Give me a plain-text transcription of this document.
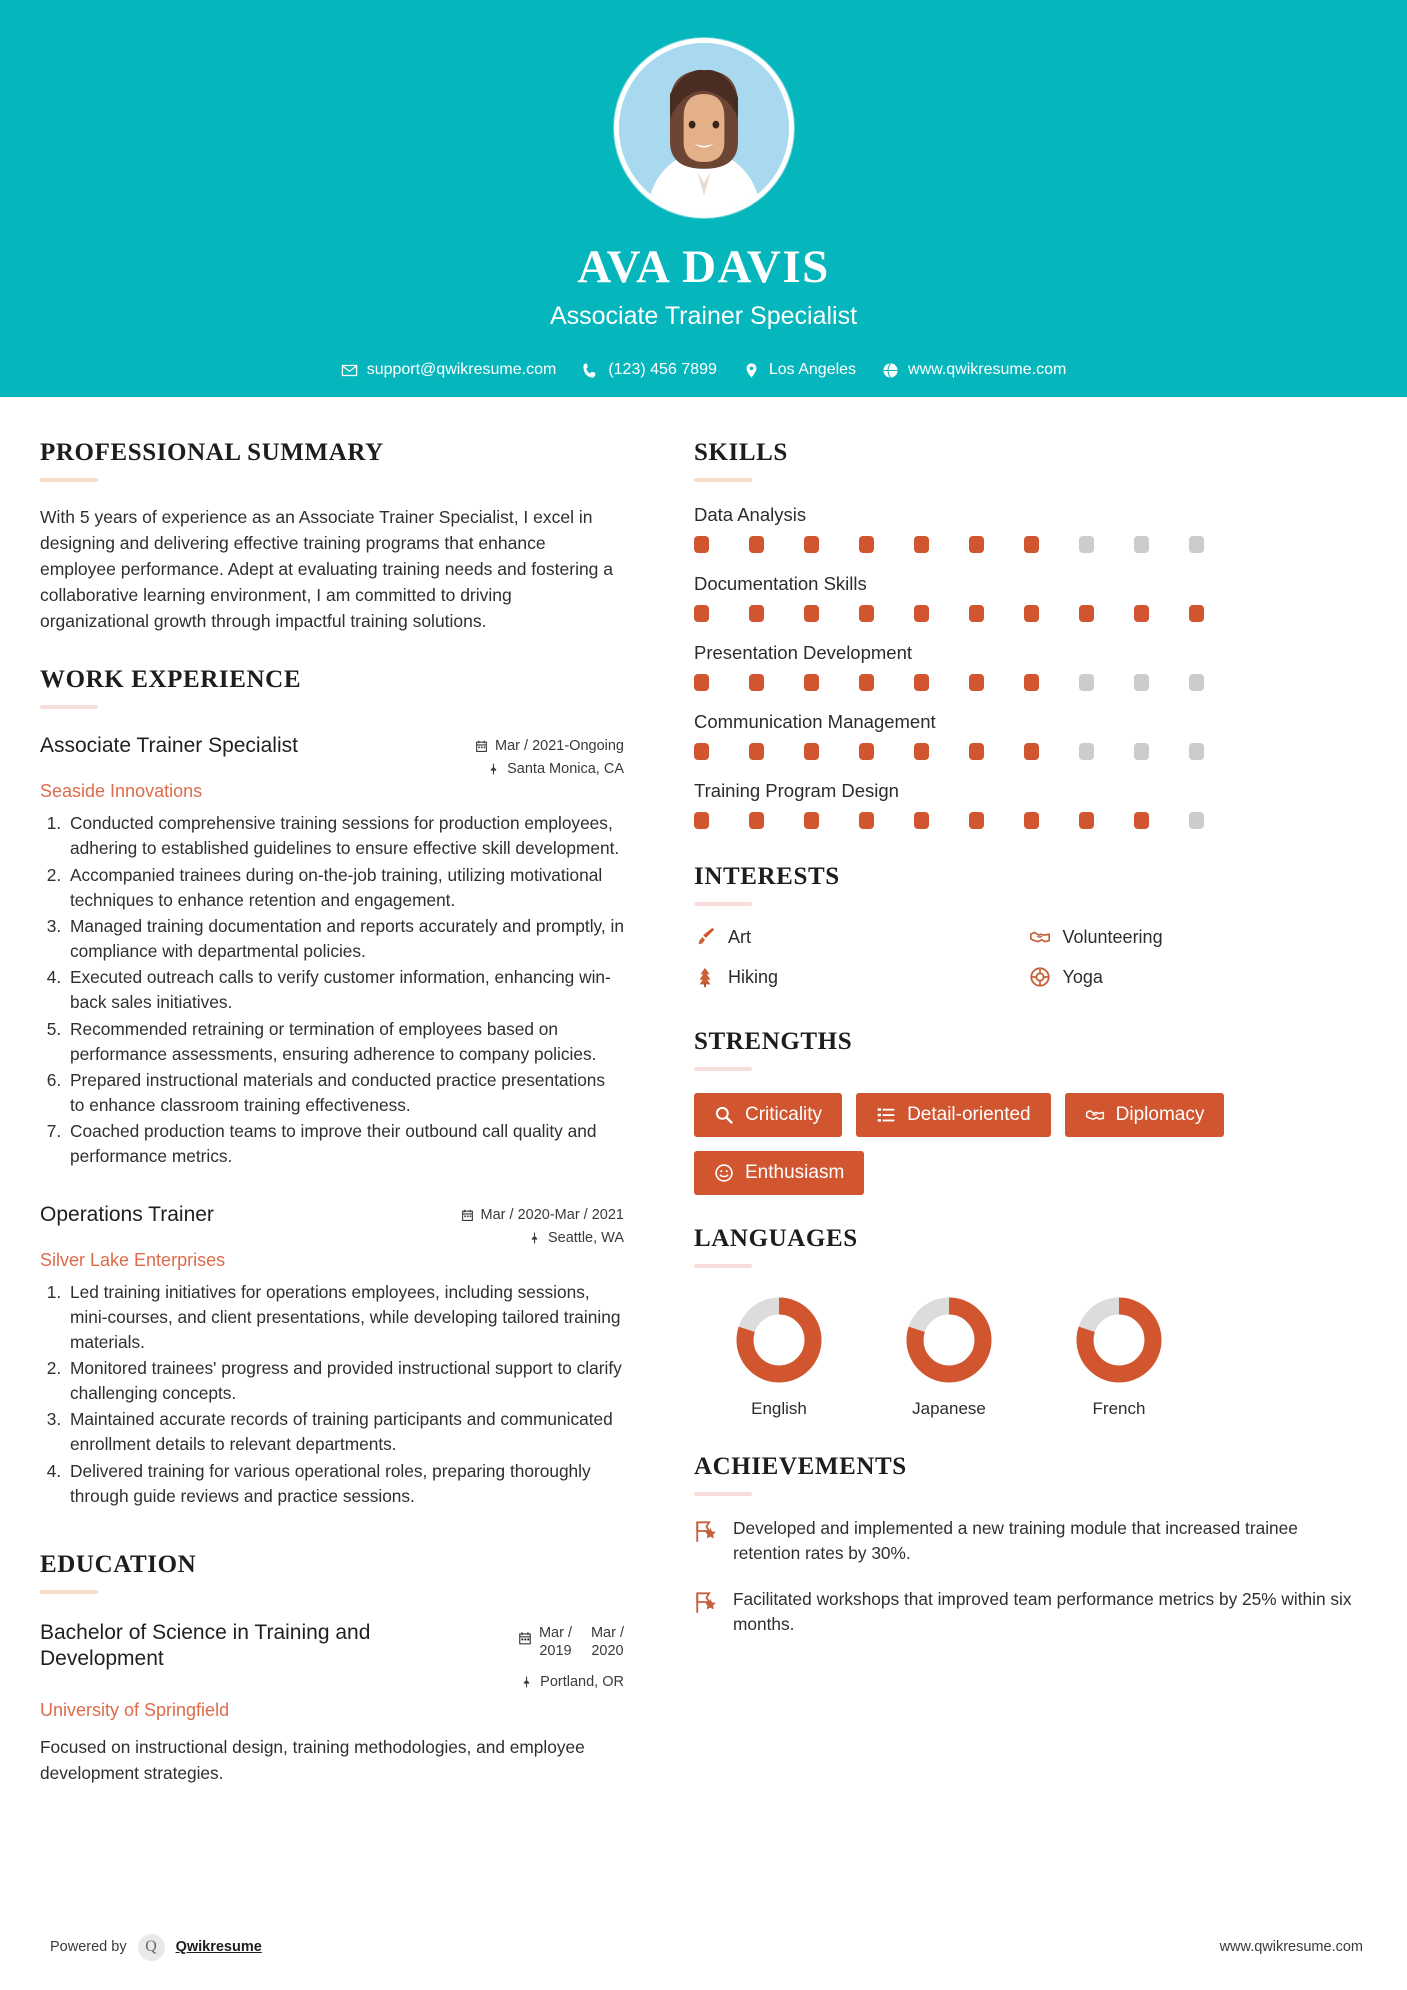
AVA DAVIS
Associate Trainer Specialist
support@qwikresume.com	(123) 456 7899	Los Angeles	www.qwikresume.com
PROFESSIONAL SUMMARY
With 5 years of experience as an Associate Trainer Specialist, I excel in designing and delivering effective training programs that enhance employee performance. Adept at evaluating training needs and fostering a collaborative learning environment, I am committed to driving organizational growth through impactful training solutions.
WORK EXPERIENCE
Associate Trainer Specialist	Mar / 2021-Ongoing
Santa Monica, CA
Seaside Innovations
1. Conducted comprehensive training sessions for production employees, adhering to established guidelines to ensure effective skill development.
2. Accompanied trainees during on-the-job training, utilizing motivational techniques to enhance retention and engagement.
3. Managed training documentation and reports accurately and promptly, in compliance with departmental policies.
4. Executed outreach calls to verify customer information, enhancing win-back sales initiatives.
5. Recommended retraining or termination of employees based on performance assessments, ensuring adherence to company policies.
6. Prepared instructional materials and conducted practice presentations to enhance classroom training effectiveness.
7. Coached production teams to improve their outbound call quality and performance metrics.
Operations Trainer	Mar / 2020-Mar / 2021
Seattle, WA
Silver Lake Enterprises
1. Led training initiatives for operations employees, including sessions, mini-courses, and client presentations, while developing tailored training materials.
2. Monitored trainees' progress and provided instructional support to clarify challenging concepts.
3. Maintained accurate records of training participants and communicated enrollment details to relevant departments.
4. Delivered training for various operational roles, preparing thoroughly through guide reviews and practice sessions.
EDUCATION
Bachelor of Science in Training and Development
Mar /
2019
Mar /
2020
Portland, OR
University of Springfield
Focused on instructional design, training methodologies, and employee development strategies.
SKILLS
Data Analysis
Documentation Skills
Presentation Development
Communication Management
Training Program Design
INTERESTS
Art	Volunteering
Hiking	Yoga
STRENGTHS
Criticality	Detail-oriented	Diplomacy
Enthusiasm
LANGUAGES
English	Japanese	French
ACHIEVEMENTS
Developed and implemented a new training module that increased trainee retention rates by 30%.
Facilitated workshops that improved team performance metrics by 25% within six months.
Powered by Q Qwikresume	www.qwikresume.com
